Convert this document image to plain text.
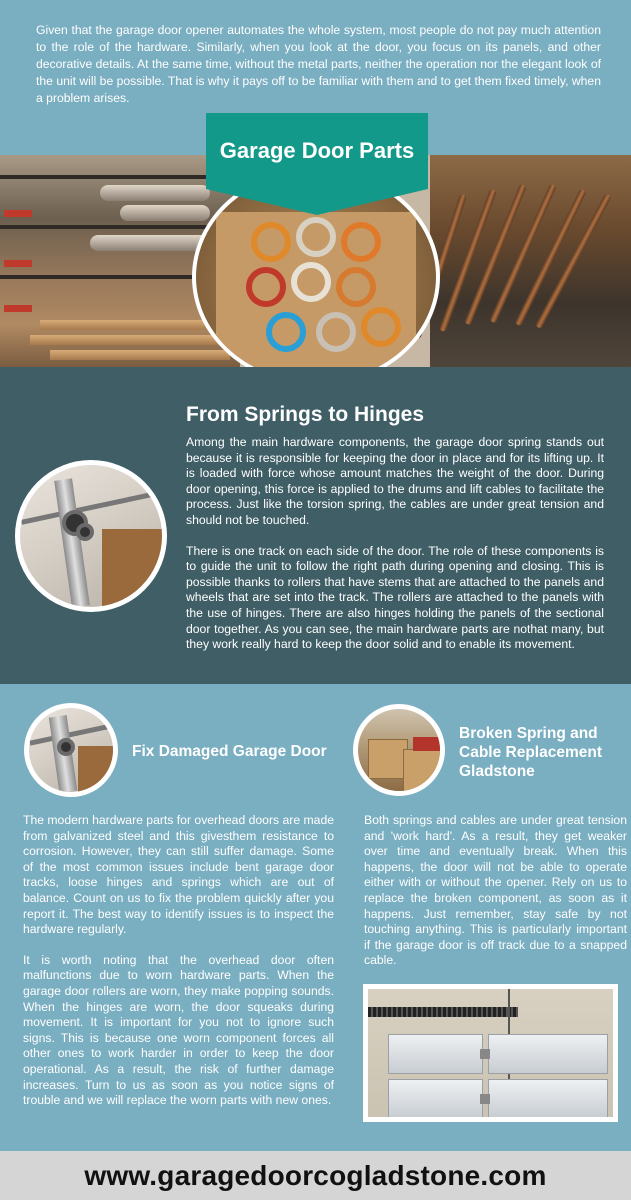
Given that the garage door opener automates the whole system, most people do not pay much attention to the role of the hardware. Similarly, when you look at the door, you focus on its panels, and other decorative details. At the same time, without the metal parts, neither the operation nor the elegant look of the unit will be possible. That is why it pays off to be familiar with them and to get them fixed timely, when a problem arises.

Garage Door Parts
From Springs to Hinges

Among the main hardware components, the garage door spring stands out because it is responsible for keeping the door in place and for its lifting up. It is loaded with force whose amount matches the weight of the door. During door opening, this force is applied to the drums and lift cables to facilitate the process. Just like the torsion spring, the cables are under great tension and should not be touched.

There is one track on each side of the door. The role of these components is to guide the unit to follow the right path during opening and closing. This is possible thanks to rollers that have stems that are attached to the panels and wheels that are set into the track. The rollers are attached to the panels with the use of hinges. There are also hinges holding the panels of the sectional door together. As you can see, the main hardware parts are nothat many, but they work really hard to keep the door solid and to enable its movement.

Fix Damaged Garage Door

The modern hardware parts for overhead doors are made from galvanized steel and this givesthem resistance to corrosion. However, they can still suffer damage. Some of the most common issues include bent garage door tracks, loose hinges and springs which are out of balance. Count on us to fix the problem quickly after you report it. The best way to identify issues is to inspect the hardware regularly.

It is worth noting that the overhead door often malfunctions due to worn hardware parts. When the garage door rollers are worn, they make popping sounds. When the hinges are worn, the door squeaks during movement. It is important for you not to ignore such signs. This is because one worn component forces all other ones to work harder in order to keep the door operational. As a result, the risk of further damage increases. Turn to us as soon as you notice signs of trouble and we will replace the worn parts with new ones.

Broken Spring and
Cable Replacement
Gladstone

Both springs and cables are under great tension and 'work hard'. As a result, they get weaker over time and eventually break. When this happens, the door will not be able to operate either with or without the opener. Rely on us to replace the broken component, as soon as it happens. Just remember, stay safe by not touching anything. This is particularly important if the garage door is off track due to a snapped cable.

www.garagedoorcogladstone.com
